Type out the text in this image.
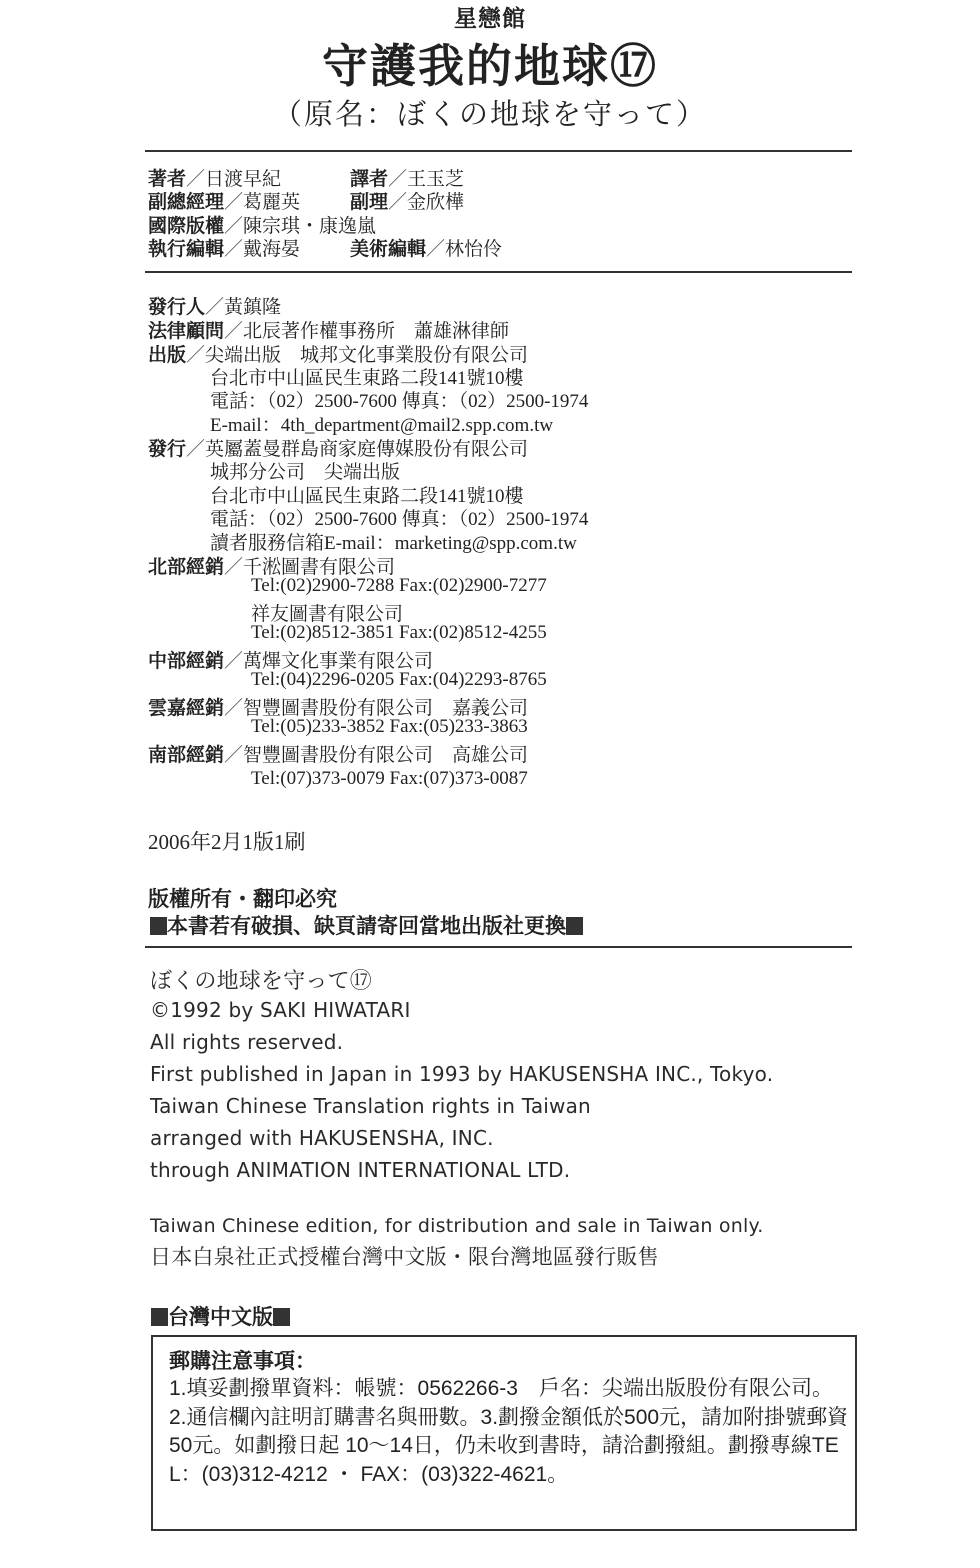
星戀館
守護我的地球⑰
（原名：ぼくの地球を守って）
著者／日渡早紀	譯者／王玉芝
副總經理／葛麗英	副理／金欣樺
國際版權／陳宗琪・康逸嵐
執行編輯／戴海晏	美術編輯／林怡伶
發行人／黃鎮隆
法律顧問／北辰著作權事務所　蕭雄淋律師
出版／尖端出版　城邦文化事業股份有限公司
台北市中山區民生東路二段141號10樓
電話：（02）2500-7600 傳真：（02）2500-1974
E-mail：4th_department@mail2.spp.com.tw
發行／英屬蓋曼群島商家庭傳媒股份有限公司
城邦分公司　尖端出版
台北市中山區民生東路二段141號10樓
電話：（02）2500-7600 傳真：（02）2500-1974
讀者服務信箱E-mail：marketing@spp.com.tw
北部經銷／千淞圖書有限公司
Tel:(02)2900-7288 Fax:(02)2900-7277
祥友圖書有限公司
Tel:(02)8512-3851 Fax:(02)8512-4255
中部經銷／萬熚文化事業有限公司
Tel:(04)2296-0205 Fax:(04)2293-8765
雲嘉經銷／智豐圖書股份有限公司　嘉義公司
Tel:(05)233-3852 Fax:(05)233-3863
南部經銷／智豐圖書股份有限公司　高雄公司
Tel:(07)373-0079 Fax:(07)373-0087
2006年2月1版1刷
版權所有・翻印必究
本書若有破損、缺頁請寄回當地出版社更換
ぼくの地球を守って⑰
©1992 by SAKI HIWATARI
All rights reserved.
First published in Japan in 1993 by HAKUSENSHA INC., Tokyo.
Taiwan Chinese Translation rights in Taiwan
arranged with HAKUSENSHA, INC.
through ANIMATION INTERNATIONAL LTD.
Taiwan Chinese edition, for distribution and sale in Taiwan only.
日本白泉社正式授權台灣中文版・限台灣地區發行販售
台灣中文版
郵購注意事項：
1.填妥劃撥單資料：帳號：0562266-3　戶名：尖端出版股份有限公司。2.通信欄內註明訂購書名與冊數。3.劃撥金額低於500元，請加附掛號郵資50元。如劃撥日起 10～14日，仍未收到書時，請洽劃撥組。劃撥專線TEL：(03)312-4212 ・ FAX：(03)322-4621。
